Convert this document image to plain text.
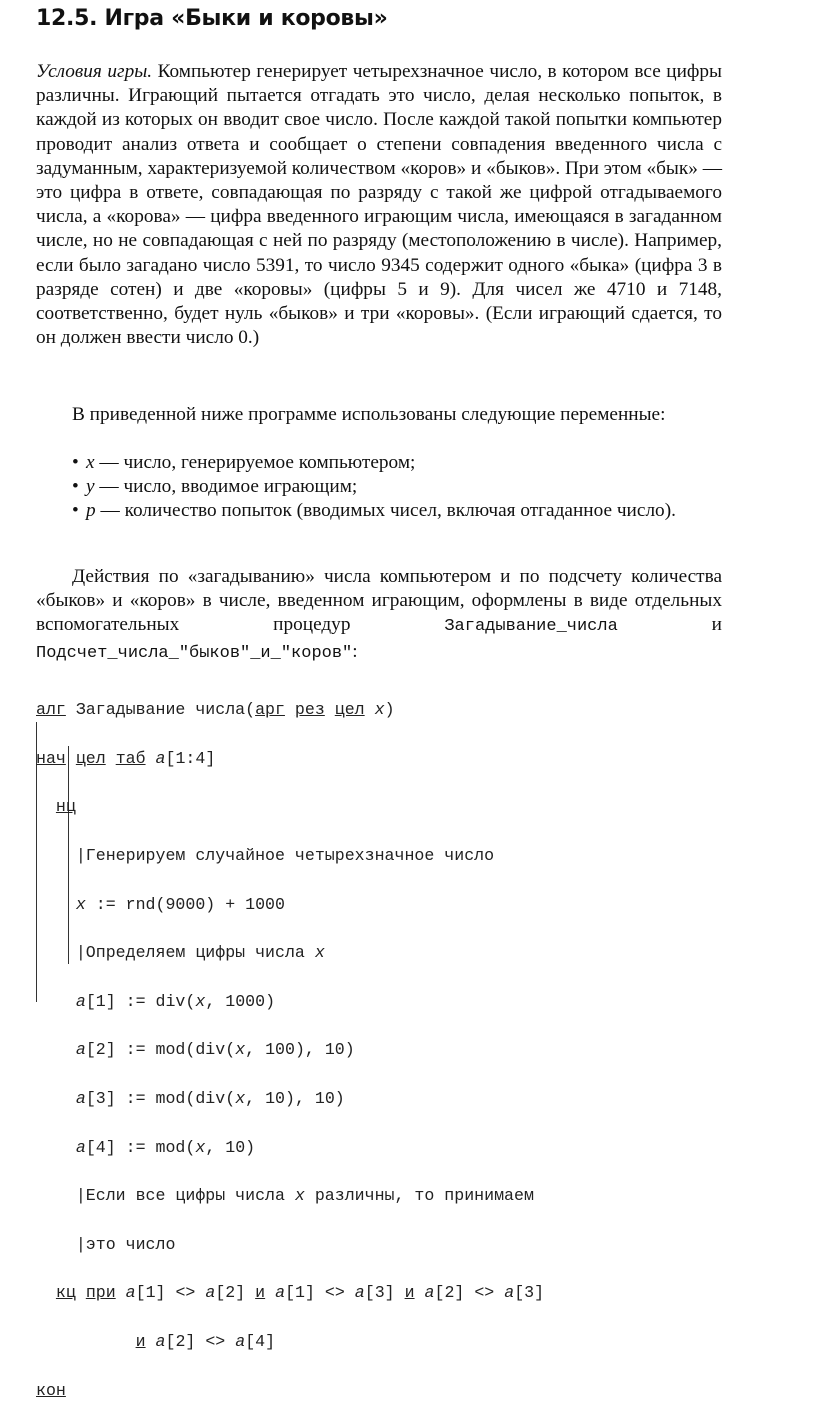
12.5. Игра «Быки и коровы»

Условия игры. Компьютер генерирует четырехзначное число, в котором все цифры различны. Играющий пытается отгадать это число, делая несколько попыток, в каждой из которых он вводит свое число. После каждой такой попытки компьютер проводит анализ ответа и сообщает о степени совпадения введенного числа с задуманным, характеризуемой количеством «коров» и «быков». При этом «бык» — это цифра в ответе, совпадающая по разряду с такой же цифрой отгадываемого числа, а «корова» — цифра введенного играющим числа, имеющаяся в загаданном числе, но не совпадающая с ней по разряду (местоположению в числе). Например, если было загадано число 5391, то число 9345 содержит одного «быка» (цифра 3 в разряде сотен) и две «коровы» (цифры 5 и 9). Для чисел же 4710 и 7148, соответственно, будет нуль «быков» и три «коровы». (Если играющий сдается, то он должен ввести число 0.)

В приведенной ниже программе использованы следующие переменные:

• x — число, генерируемое компьютером;
• y — число, вводимое играющим;
• p — количество попыток (вводимых чисел, включая отгаданное число).

Действия по «загадыванию» числа компьютером и по подсчету количества «быков» и «коров» в числе, введенном играющим, оформлены в виде отдельных вспомогательных процедур Загадывание_числа и Подсчет_числа_"быков"_и_"коров":

алг Загадывание числа(арг рез цел x)

нач цел таб a[1:4]

нц

|Генерируем случайное четырехзначное число

x := rnd(9000) + 1000

|Определяем цифры числа x

a[1] := div(x, 1000)

a[2] := mod(div(x, 100), 10)

a[3] := mod(div(x, 10), 10)

a[4] := mod(x, 10)

|Если все цифры числа x различны, то принимаем

|это число

кц при a[1] <> a[2] и a[1] <> a[3] и a[2] <> a[3]

и a[2] <> a[4]

кон
